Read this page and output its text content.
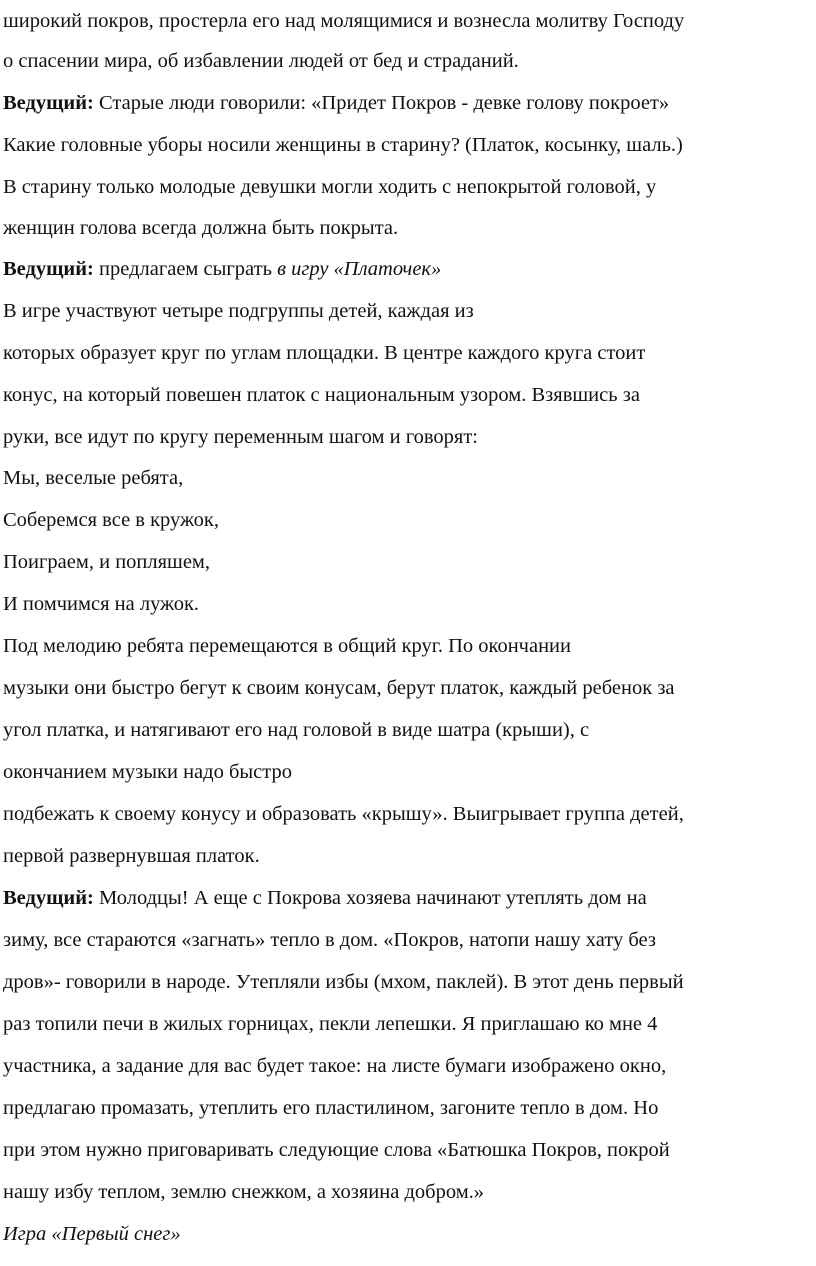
широкий покров, простерла его над молящимися и вознесла молитву Господу
о спасении мира, об избавлении людей от бед и страданий.
Ведущий: Старые люди говорили: «Придет Покров - девке голову покроет»
Какие головные уборы носили женщины в старину? (Платок, косынку, шаль.)
В старину только молодые девушки могли ходить с непокрытой головой, у
женщин голова всегда должна быть покрыта.
Ведущий: предлагаем сыграть в игру «Платочек»
В игре участвуют четыре подгруппы детей, каждая из
которых образует круг по углам площадки. В центре каждого круга стоит
конус, на который повешен платок с национальным узором. Взявшись за
руки, все идут по кругу переменным шагом и говорят:
Мы, веселые ребята,
Соберемся все в кружок,
Поиграем, и попляшем,
И помчимся на лужок.
Под мелодию ребята перемещаются в общий круг. По окончании
музыки они быстро бегут к своим конусам, берут платок, каждый ребенок за
угол платка, и натягивают его над головой в виде шатра (крыши), с
окончанием музыки надо быстро
подбежать к своему конусу и образовать «крышу». Выигрывает группа детей,
первой развернувшая платок.
Ведущий: Молодцы! А еще с Покрова хозяева начинают утеплять дом на
зиму, все стараются «загнать» тепло в дом. «Покров, натопи нашу хату без
дров»- говорили в народе. Утепляли избы (мхом, паклей). В этот день первый
раз топили печи в жилых горницах, пекли лепешки. Я приглашаю ко мне 4
участника, а задание для вас будет такое: на листе бумаги изображено окно,
предлагаю промазать, утеплить его пластилином, загоните тепло в дом. Но
при этом нужно приговаривать следующие слова «Батюшка Покров, покрой
нашу избу теплом, землю снежком, а хозяина добром.»
Игра «Первый снег»
